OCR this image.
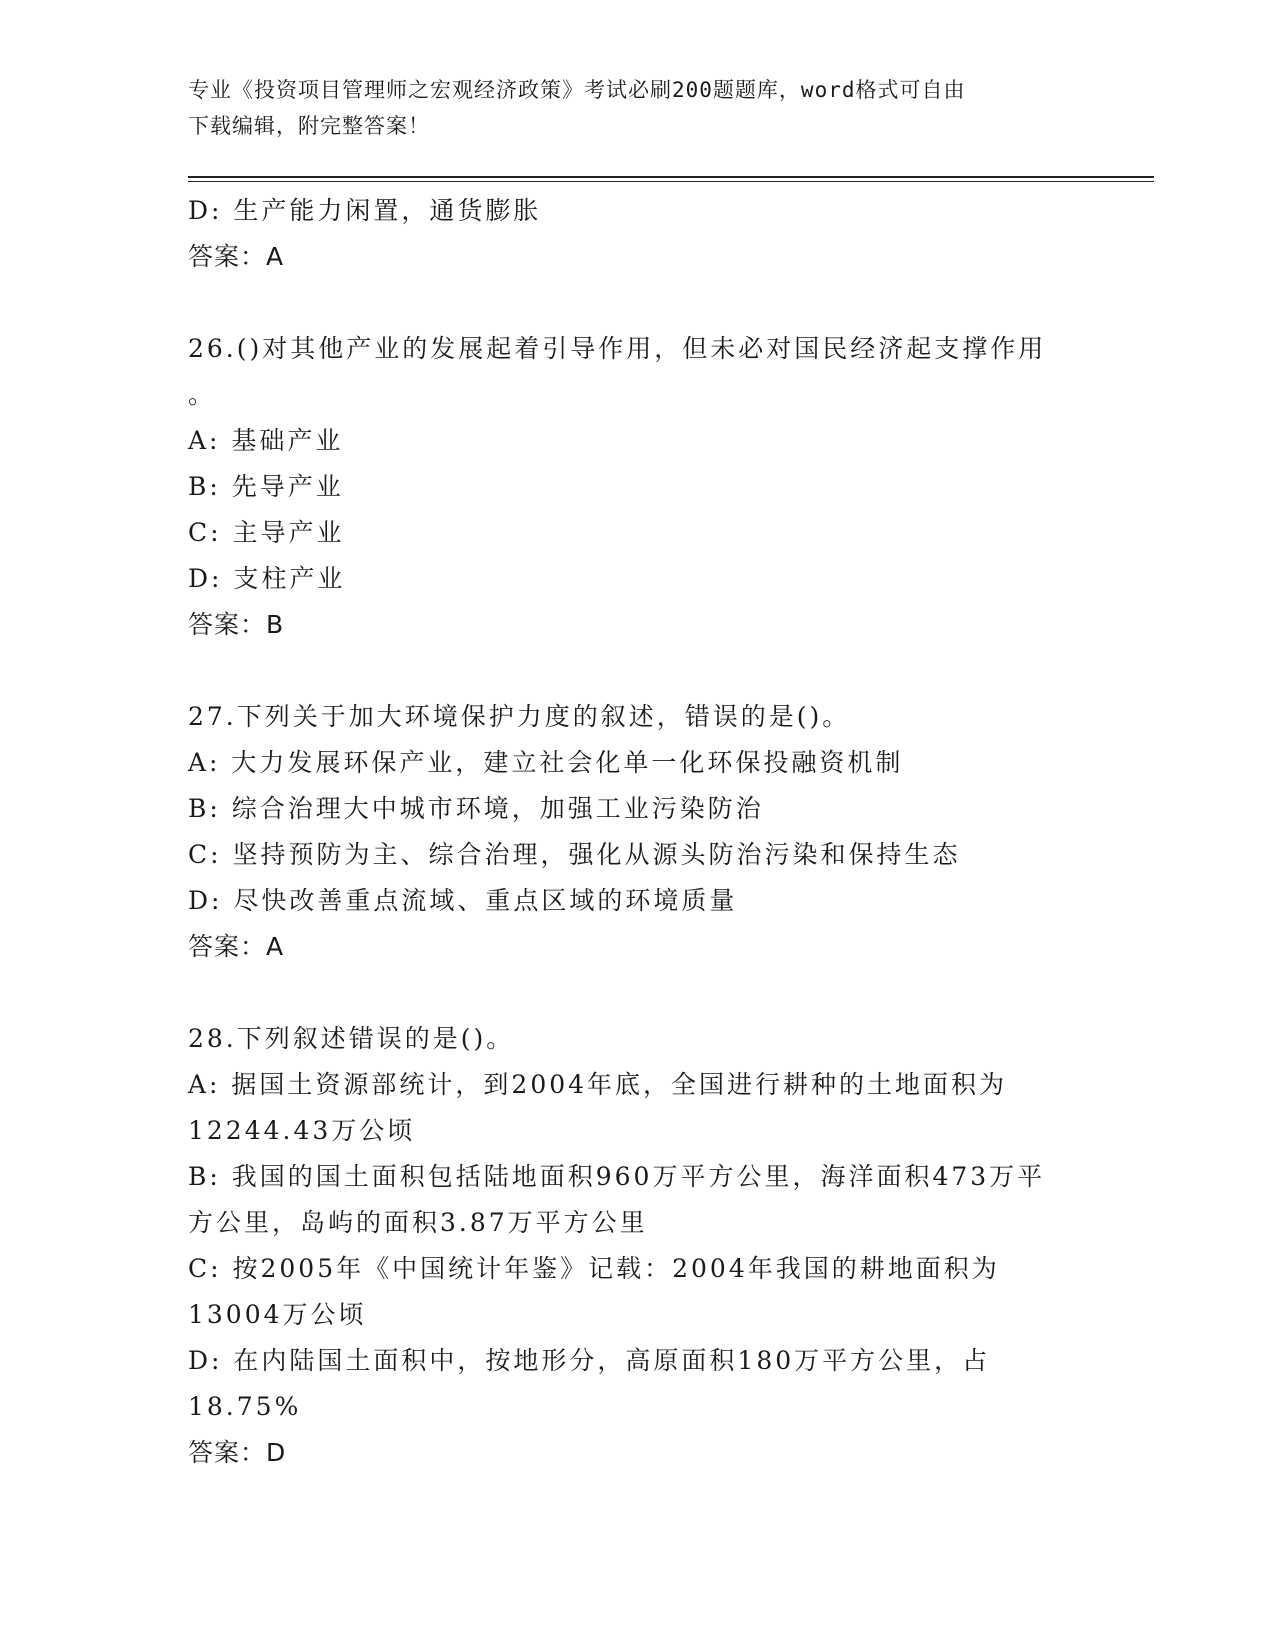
专业《投资项目管理师之宏观经济政策》考试必刷200题题库，word格式可自由
下载编辑，附完整答案！
D: 生产能力闲置，通货膨胀
答案：A
26.()对其他产业的发展起着引导作用，但未必对国民经济起支撑作用
。
A: 基础产业
B: 先导产业
C: 主导产业
D: 支柱产业
答案：B
27.下列关于加大环境保护力度的叙述，错误的是()。
A: 大力发展环保产业，建立社会化单一化环保投融资机制
B: 综合治理大中城市环境，加强工业污染防治
C: 坚持预防为主、综合治理，强化从源头防治污染和保持生态
D: 尽快改善重点流域、重点区域的环境质量
答案：A
28.下列叙述错误的是()。
A: 据国土资源部统计，到2004年底，全国进行耕种的土地面积为
12244.43万公顷
B: 我国的国土面积包括陆地面积960万平方公里，海洋面积473万平
方公里，岛屿的面积3.87万平方公里
C: 按2005年《中国统计年鉴》记载：2004年我国的耕地面积为
13004万公顷
D: 在内陆国土面积中，按地形分，高原面积180万平方公里，占
18.75%
答案：D
